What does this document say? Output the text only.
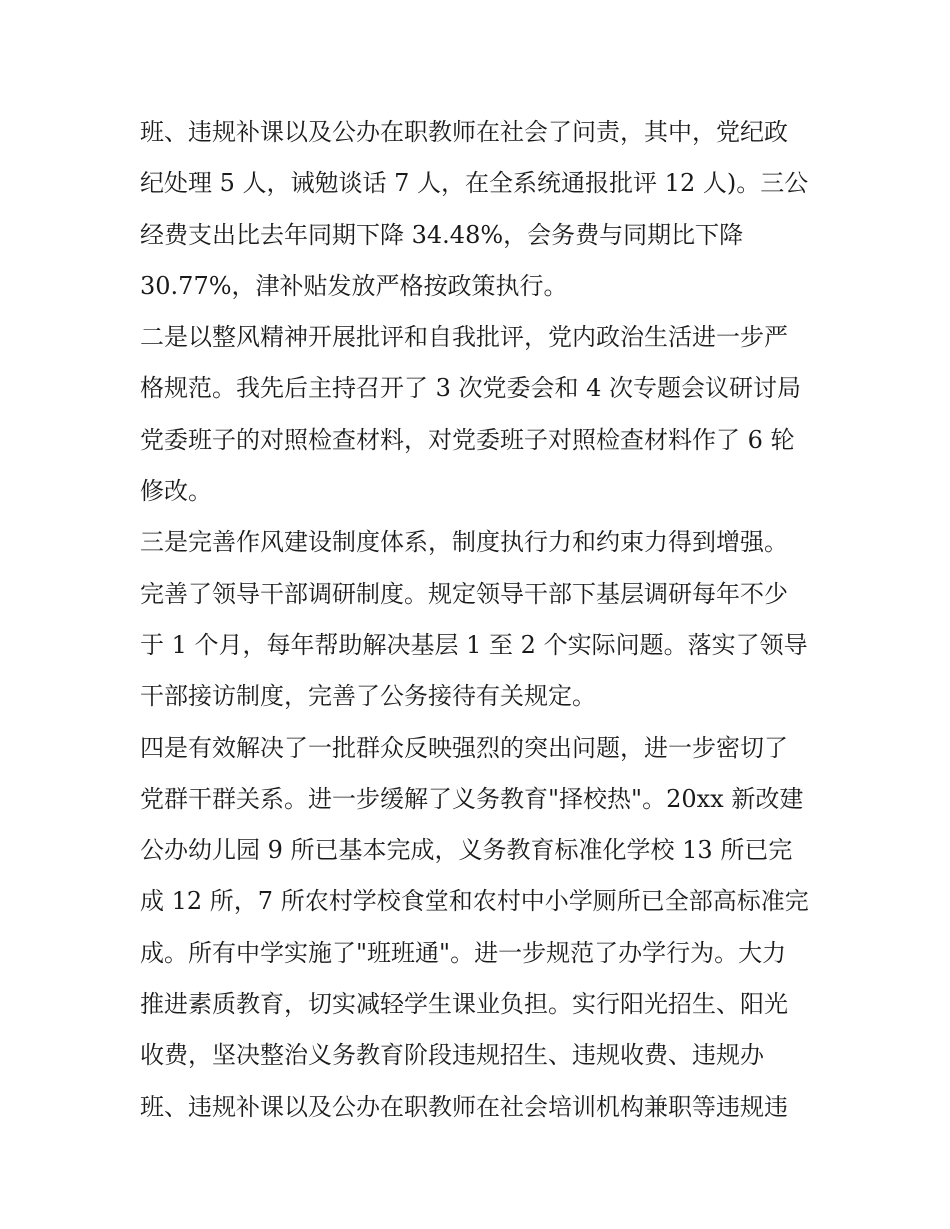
班、违规补课以及公办在职教师在社会了问责，其中，党纪政
纪处理 5 人，诫勉谈话 7 人，在全系统通报批评 12 人)。三公
经费支出比去年同期下降 34.48%，会务费与同期比下降
30.77%，津补贴发放严格按政策执行。
二是以整风精神开展批评和自我批评，党内政治生活进一步严
格规范。我先后主持召开了 3 次党委会和 4 次专题会议研讨局
党委班子的对照检查材料，对党委班子对照检查材料作了 6 轮
修改。
三是完善作风建设制度体系，制度执行力和约束力得到增强。
完善了领导干部调研制度。规定领导干部下基层调研每年不少
于 1 个月，每年帮助解决基层 1 至 2 个实际问题。落实了领导
干部接访制度，完善了公务接待有关规定。
四是有效解决了一批群众反映强烈的突出问题，进一步密切了
党群干群关系。进一步缓解了义务教育"择校热"。20xx 新改建
公办幼儿园 9 所已基本完成，义务教育标准化学校 13 所已完
成 12 所，7 所农村学校食堂和农村中小学厕所已全部高标准完
成。所有中学实施了"班班通"。进一步规范了办学行为。大力
推进素质教育，切实减轻学生课业负担。实行阳光招生、阳光
收费，坚决整治义务教育阶段违规招生、违规收费、违规办
班、违规补课以及公办在职教师在社会培训机构兼职等违规违
